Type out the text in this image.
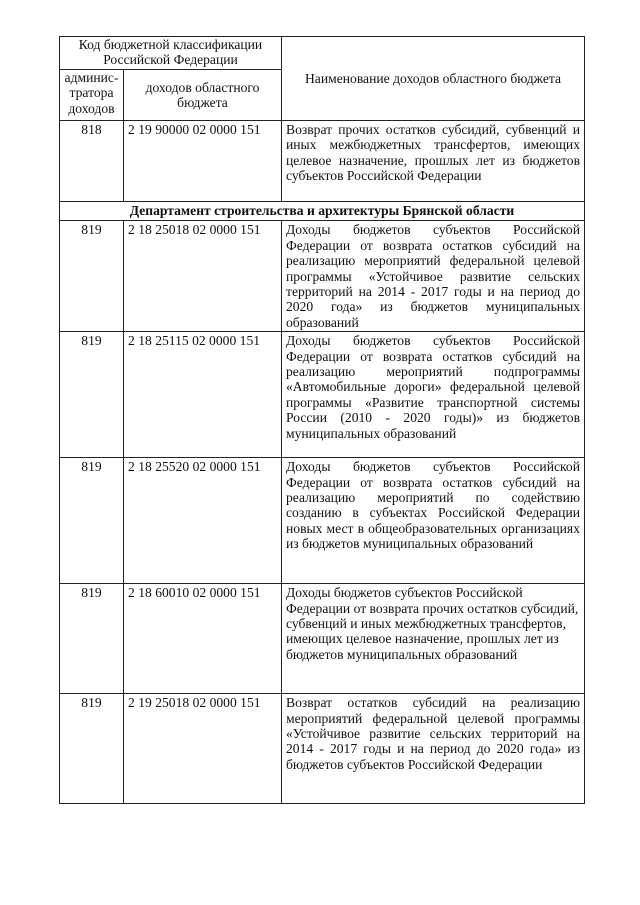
Код бюджетной классификации Российской Федерации		Наименование доходов областного бюджета
админис-тратора доходов	доходов областного бюджета	
818	2 19 90000 02 0000 151	Возврат прочих остатков субсидий, субвенций и иных межбюджетных трансфертов, имеющих целевое назначение, прошлых лет из бюджетов субъектов Российской Федерации
Департамент строительства и архитектуры Брянской области		
819	2 18 25018 02 0000 151	Доходы бюджетов субъектов Российской Федерации от возврата остатков субсидий на реализацию мероприятий федеральной целевой программы «Устойчивое развитие сельских территорий на 2014 - 2017 годы и на период до 2020 года» из бюджетов муниципальных образований
819	2 18 25115 02 0000 151	Доходы бюджетов субъектов Российской Федерации от возврата остатков субсидий на реализацию мероприятий подпрограммы «Автомобильные дороги» федеральной целевой программы «Развитие транспортной системы России (2010 - 2020 годы)» из бюджетов муниципальных образований
819	2 18 25520 02 0000 151	Доходы бюджетов субъектов Российской Федерации от возврата остатков субсидий на реализацию мероприятий по содействию созданию в субъектах Российской Федерации новых мест в общеобразовательных организациях из бюджетов муниципальных образований
819	2 18 60010 02 0000 151	Доходы бюджетов субъектов Российской Федерации от возврата прочих остатков субсидий, субвенций и иных межбюджетных трансфертов, имеющих целевое назначение, прошлых лет из бюджетов муниципальных образований
819	2 19 25018 02 0000 151	Возврат остатков субсидий на реализацию мероприятий федеральной целевой программы «Устойчивое развитие сельских территорий на 2014 - 2017 годы и на период до 2020 года» из бюджетов субъектов Российской Федерации
